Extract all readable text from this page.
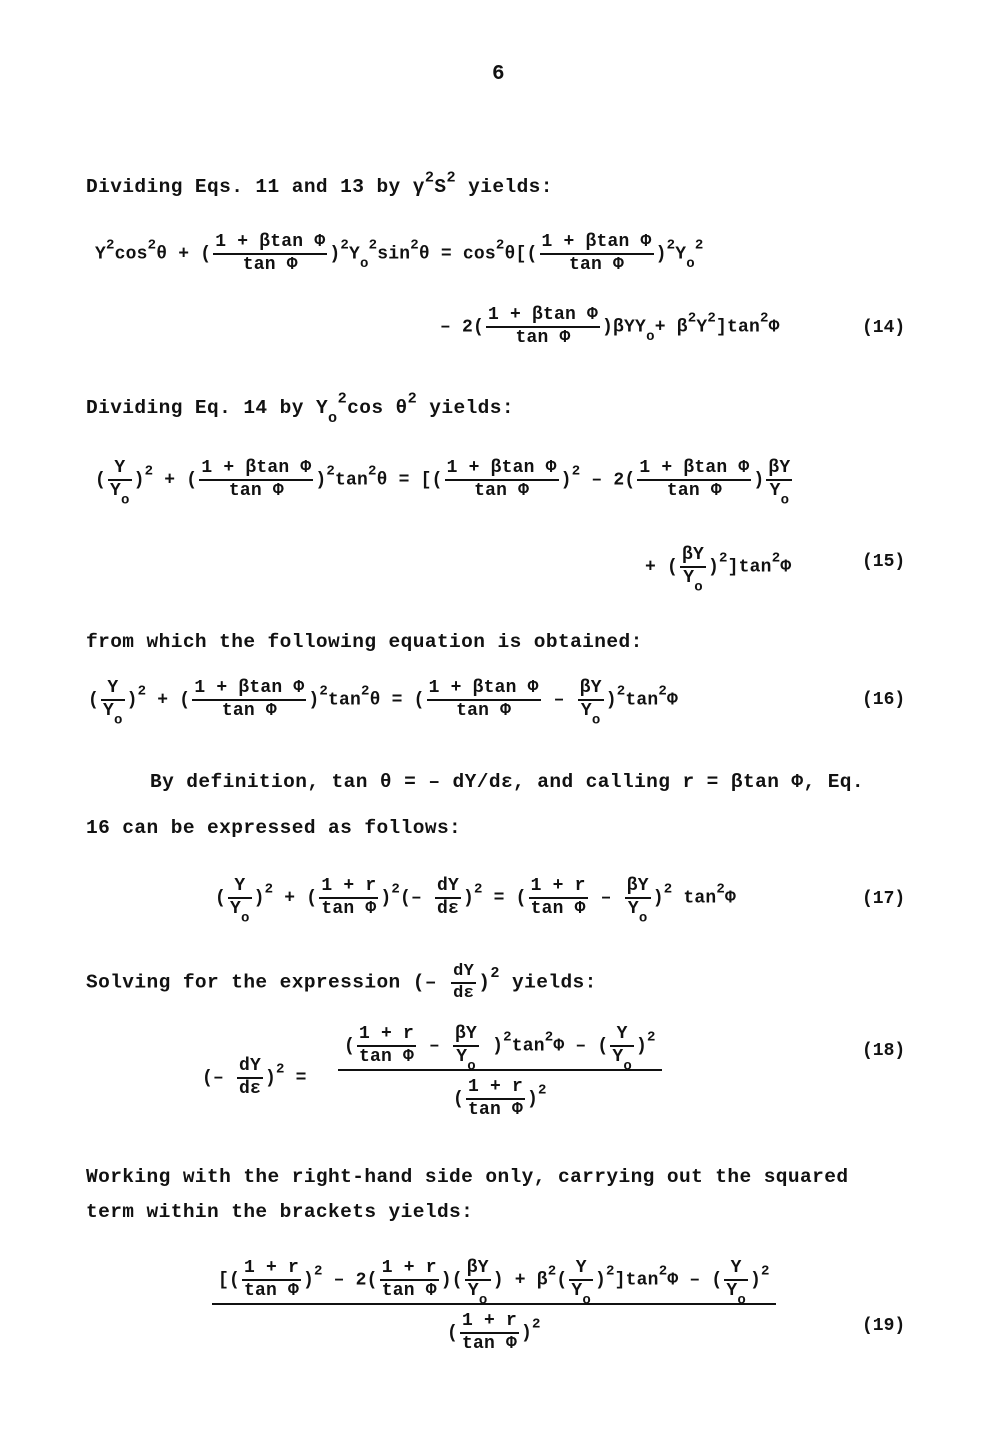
6
Dividing Eqs. 11 and 13 by $\gamma^2S^2$ yields:
$Y^2\cos^2\theta$ + ( $\frac{\text{1 + βtan Φ}}{\text{tan Φ}} )^2Y_o^2\sin^2\theta = \cos^2\theta[( \frac{\text{1 + βtan Φ}}{\text{tan Φ}} )^2Y_o^2$
– $2( \frac{\text{1 + βtan Φ}}{\text{tan Φ}} )\beta YY_o+ \beta^2Y^2]\tan^2\Phi$	(14)
Dividing Eq. 14 by $Y_o^2\cos$ $\theta^2$ yields:
( $\frac{Y}{Y_o} )^2$ + ( $\frac{\text{1 + βtan Φ}}{\text{tan Φ}} )^2\tan^2\theta$ = [( $\frac{\text{1 + βtan Φ}}{\text{tan Φ}} )^2 - 2( \frac{\text{1 + βtan Φ}}{\text{tan Φ}}$ ) $\frac{\beta Y}{Y_o}$
+ ( $\frac{\beta Y}{Y_o} )^2]\tan^2\Phi$	(15)
from which the following equation is obtained:
( $\frac{Y}{Y_o} )^2$ + ( $\frac{\text{1 + βtan Φ}}{\text{tan Φ}} )^2\tan^2\theta$ = ( $\frac{\text{1 + βtan Φ}}{\text{tan Φ}} - \frac{\beta Y}{Y_o} )^2\tan^2\Phi$	(16)
By definition, tan θ = – dY/dε, and calling r = βtan Φ, Eq.
16 can be expressed as follows:
( $\frac{Y}{Y_o} )^2$ + ( $\frac{1 + r}{\text{tan Φ}} )^2(- \frac{dY}{d\varepsilon} )^2$ = ( $\frac{1 + r}{\text{tan Φ}} - \frac{\beta Y}{Y_o} )^2$ $\tan^2\Phi$	(17)
Solving for the expression (– $\frac{dY}{d\varepsilon} )^2$ yields:
(– $\frac{dY}{d\varepsilon} )^2$ =
( $\frac{1 + r}{\text{tan Φ}} - \frac{\beta Y}{Y_o} )^2\tan^2\Phi$ – ( $\frac{Y}{Y_o} )^2$
( $\frac{1 + r}{\text{tan Φ}} )^2$
(18)
Working with the right-hand side only, carrying out the squared
term within the brackets yields:
[( $\frac{1 + r}{\text{tan Φ}} )^2 - 2( \frac{1 + r}{\text{tan Φ}}$ )( $\frac{\beta Y}{Y_o}$ ) + $\beta^2( \frac{Y}{Y_o} )^2]\tan^2\Phi$ – ( $\frac{Y}{Y_o} )^2$
( $\frac{1 + r}{\text{tan Φ}} )^2$	(19)
